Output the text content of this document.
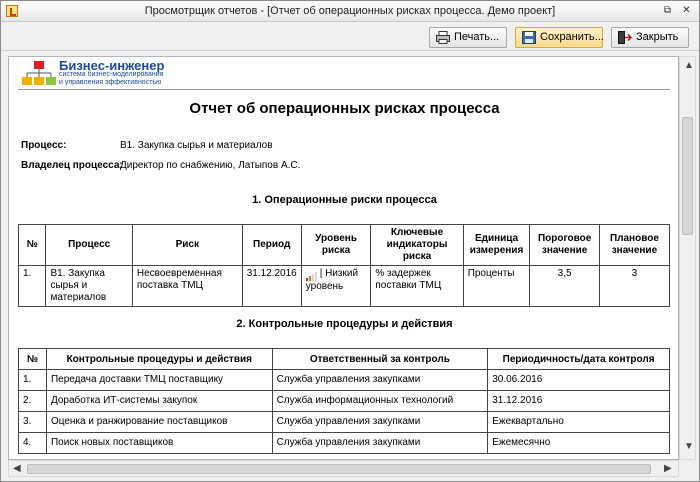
Просмотрщик отчетов - [Отчет об операционных рисках процесса. Демо проект]	⧉ ✕
Печать...	Сохранить...	Закрыть
Бизнес-инженер
система бизнес-моделирования
и управления эффективностью
Отчет об операционных рисках процесса
Процесс:	В1. Закупка сырья и материалов
Владелец процесса:
Директор по снабжению, Латыпов А.С.
1. Операционные риски процесса
№	Процесс	Риск	Период	Уровень риска	Ключевые индикаторы риска	Единица измерения	Пороговое значение	Плановое значение
1.	В1. Закупка сырья и материалов	Несвоевременная поставка ТМЦ	31.12.2016	| Низкий уровень	% задержек поставки ТМЦ	Проценты	3,5	3
2. Контрольные процедуры и действия
№	Контрольные процедуры и действия	Ответственный за контроль	Периодичность/дата контроля
1.	Передача доставки ТМЦ поставщику	Служба управления закупками	30.06.2016
2.	Доработка ИТ-системы закупок	Служба информационных технологий	31.12.2016
3.	Оценка и ранжирование поставщиков	Служба управления закупками	Ежеквартально
4.	Поиск новых поставщиков	Служба управления закупками	Ежемесячно
▲
▼
◀	▶
